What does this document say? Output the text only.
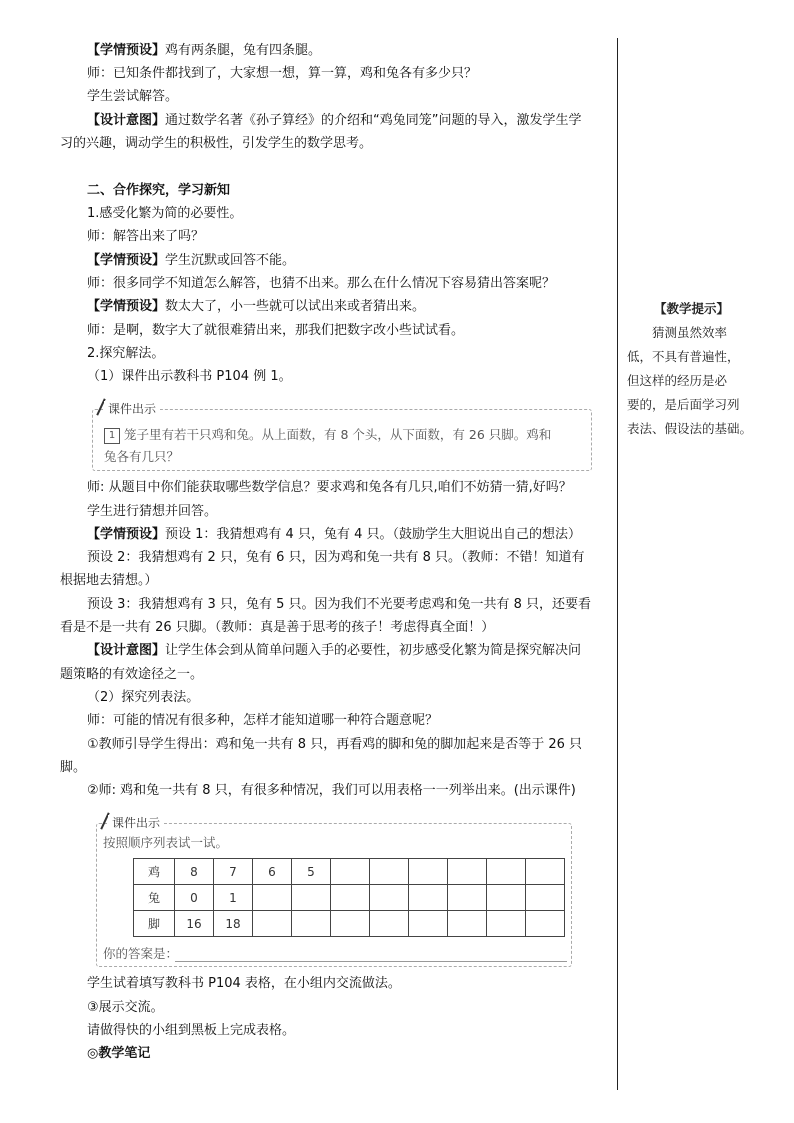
【学情预设】鸡有两条腿，兔有四条腿。
师：已知条件都找到了，大家想一想，算一算，鸡和兔各有多少只？
学生尝试解答。
【设计意图】通过数学名著《孙子算经》的介绍和“鸡兔同笼”问题的导入，激发学生学
习的兴趣，调动学生的积极性，引发学生的数学思考。
二、合作探究，学习新知
1.感受化繁为简的必要性。
师：解答出来了吗？
【学情预设】学生沉默或回答不能。
师：很多同学不知道怎么解答，也猜不出来。那么在什么情况下容易猜出答案呢？
【学情预设】数太大了，小一些就可以试出来或者猜出来。
师：是啊，数字大了就很难猜出来，那我们把数字改小些试试看。
2.探究解法。
（1）课件出示教科书 P104 例 1。
课件出示
1 笼子里有若干只鸡和兔。从上面数，有 8 个头，从下面数，有 26 只脚。鸡和
兔各有几只？
师: 从题目中你们能获取哪些数学信息？要求鸡和兔各有几只,咱们不妨猜一猜,好吗？
学生进行猜想并回答。
【学情预设】预设 1：我猜想鸡有 4 只，兔有 4 只。（鼓励学生大胆说出自己的想法）
预设 2：我猜想鸡有 2 只，兔有 6 只，因为鸡和兔一共有 8 只。（教师：不错！知道有
根据地去猜想。）
预设 3：我猜想鸡有 3 只，兔有 5 只。因为我们不光要考虑鸡和兔一共有 8 只，还要看
看是不是一共有 26 只脚。（教师：真是善于思考的孩子！考虑得真全面！）
【设计意图】让学生体会到从简单问题入手的必要性，初步感受化繁为简是探究解决问
题策略的有效途径之一。
（2）探究列表法。
师：可能的情况有很多种，怎样才能知道哪一种符合题意呢？
①教师引导学生得出：鸡和兔一共有 8 只，再看鸡的脚和兔的脚加起来是否等于 26 只
脚。
②师: 鸡和兔一共有 8 只，有很多种情况，我们可以用表格一一列举出来。(出示课件)
课件出示
按照顺序列表试一试。
鸡	8	7	6	5						
兔	0	1								
脚	16	18								
你的答案是：
学生试着填写教科书 P104 表格，在小组内交流做法。
③展示交流。
请做得快的小组到黑板上完成表格。
◎教学笔记
【教学提示】
猜测虽然效率
低，不具有普遍性，
但这样的经历是必
要的，是后面学习列
表法、假设法的基础。
